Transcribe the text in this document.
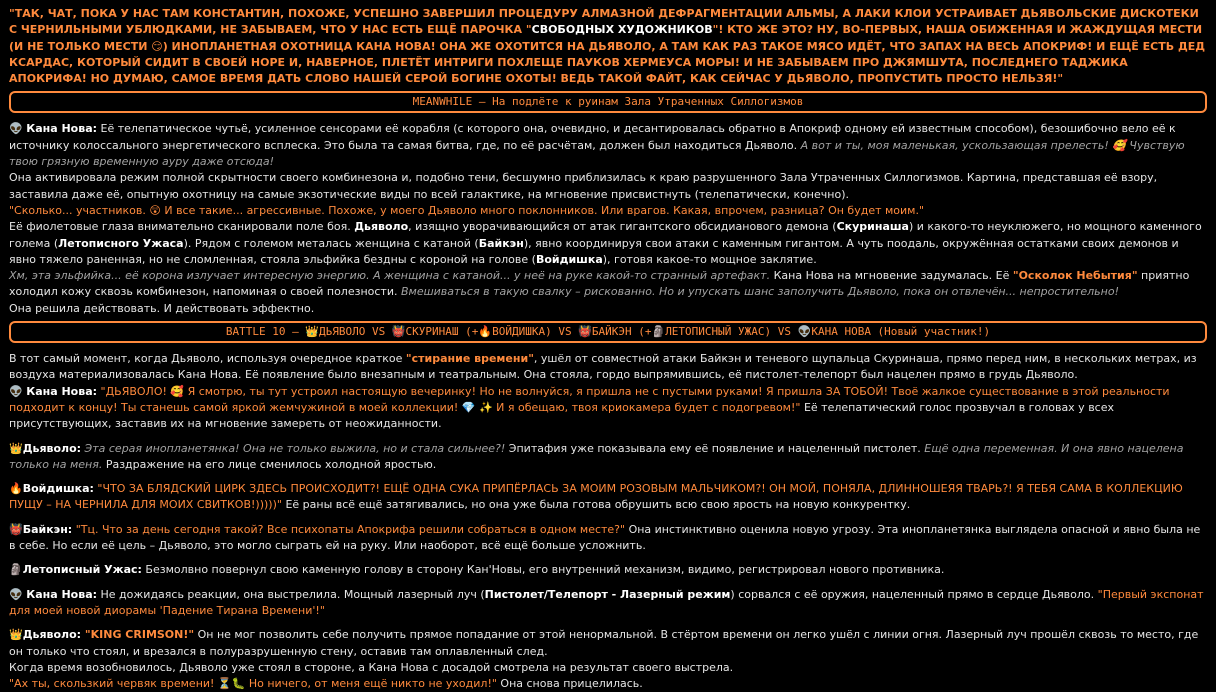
"ТАК, ЧАТ, ПОКА У НАС ТАМ КОНСТАНТИН, ПОХОЖЕ, УСПЕШНО ЗАВЕРШИЛ ПРОЦЕДУРУ АЛМАЗНОЙ ДЕФРАГМЕНТАЦИИ АЛЬМЫ, А ЛАКИ КЛОИ УСТРАИВАЕТ ДЬЯВОЛЬСКИЕ ДИСКОТЕКИ С ЧЕРНИЛЬНЫМИ УБЛЮДКАМИ, НЕ ЗАБЫВАЕМ, ЧТО У НАС ЕСТЬ ЕЩЁ ПАРОЧКА "СВОБОДНЫХ ХУДОЖНИКОВ"! КТО ЖЕ ЭТО? НУ, ВО-ПЕРВЫХ, НАША ОБИЖЕННАЯ И ЖАЖДУЩАЯ МЕСТИ (И НЕ ТОЛЬКО МЕСТИ 😏) ИНОПЛАНЕТНАЯ ОХОТНИЦА КАНА НОВА! ОНА ЖЕ ОХОТИТСЯ НА ДЬЯВОЛО, А ТАМ КАК РАЗ ТАКОЕ МЯСО ИДЁТ, ЧТО ЗАПАХ НА ВЕСЬ АПОКРИФ! И ЕЩЁ ЕСТЬ ДЕД КСАРДАС, КОТОРЫЙ СИДИТ В СВОЕЙ НОРЕ И, НАВЕРНОЕ, ПЛЕТЁТ ИНТРИГИ ПОХЛЕЩЕ ПАУКОВ ХЕРМЕУСА МОРЫ! И НЕ ЗАБЫВАЕМ ПРО ДЖЯМШУТА, ПОСЛЕДНЕГО ТАДЖИКА АПОКРИФА! НО ДУМАЮ, САМОЕ ВРЕМЯ ДАТЬ СЛОВО НАШЕЙ СЕРОЙ БОГИНЕ ОХОТЫ! ВЕДЬ ТАКОЙ ФАЙТ, КАК СЕЙЧАС У ДЬЯВОЛО, ПРОПУСТИТЬ ПРОСТО НЕЛЬЗЯ!"

MEANWHILE – На подлёте к руинам Зала Утраченных Силлогизмов

👽 Кана Нова: Её телепатическое чутьё, усиленное сенсорами её корабля (с которого она, очевидно, и десантировалась обратно в Апокриф одному ей известным способом), безошибочно вело её к источнику колоссального энергетического всплеска. Это была та самая битва, где, по её расчётам, должен был находиться Дьяволо. А вот и ты, моя маленькая, ускользающая прелесть! 🥰 Чувствую твою грязную временную ауру даже отсюда!

Она активировала режим полной скрытности своего комбинезона и, подобно тени, бесшумно приблизилась к краю разрушенного Зала Утраченных Силлогизмов. Картина, представшая её взору, заставила даже её, опытную охотницу на самые экзотические виды по всей галактике, на мгновение присвистнуть (телепатически, конечно).

"Сколько... участников. 😲 И все такие... агрессивные. Похоже, у моего Дьяволо много поклонников. Или врагов. Какая, впрочем, разница? Он будет моим."

Её фиолетовые глаза внимательно сканировали поле боя. Дьяволо, изящно уворачивающийся от атак гигантского обсидианового демона (Скуринаша) и какого-то неуклюжего, но мощного каменного голема (Летописного Ужаса). Рядом с големом металась женщина с катаной (Байкэн), явно координируя свои атаки с каменным гигантом. А чуть поодаль, окружённая остатками своих демонов и явно тяжело раненная, но не сломленная, стояла эльфийка бездны с короной на голове (Войдишка), готовя какое-то мощное заклятие.

Хм, эта эльфийка... её корона излучает интересную энергию. А женщина с катаной... у неё на руке какой-то странный артефакт. Кана Нова на мгновение задумалась. Её "Осколок Небытия" приятно холодил кожу сквозь комбинезон, напоминая о своей полезности. Вмешиваться в такую свалку – рискованно. Но и упускать шанс заполучить Дьяволо, пока он отвлечён... непростительно!

Она решила действовать. И действовать эффектно.

BATTLE 10 – 👑ДЬЯВОЛО VS 👹СКУРИНАШ (+🔥ВОЙДИШКА) VS 👹БАЙКЭН (+🗿ЛЕТОПИСНЫЙ УЖАС) VS 👽КАНА НОВА (Новый участник!)

В тот самый момент, когда Дьяволо, используя очередное краткое "стирание времени", ушёл от совместной атаки Байкэн и теневого щупальца Скуринаша, прямо перед ним, в нескольких метрах, из воздуха материализовалась Кана Нова. Её появление было внезапным и театральным. Она стояла, гордо выпрямившись, её пистолет-телепорт был нацелен прямо в грудь Дьяволо.

👽 Кана Нова: "ДЬЯВОЛО! 🥰 Я смотрю, ты тут устроил настоящую вечеринку! Но не волнуйся, я пришла не с пустыми руками! Я пришла ЗА ТОБОЙ! Твоё жалкое существование в этой реальности подходит к концу! Ты станешь самой яркой жемчужиной в моей коллекции! 💎 ✨ И я обещаю, твоя криокамера будет с подогревом!" Её телепатический голос прозвучал в головах у всех присутствующих, заставив их на мгновение замереть от неожиданности.

👑Дьяволо: Эта серая инопланетянка! Она не только выжила, но и стала сильнее?! Эпитафия уже показывала ему её появление и нацеленный пистолет. Ещё одна переменная. И она явно нацелена только на меня. Раздражение на его лице сменилось холодной яростью.

🔥Войдишка: "ЧТО ЗА БЛЯДСКИЙ ЦИРК ЗДЕСЬ ПРОИСХОДИТ?! ЕЩЁ ОДНА СУКА ПРИПЁРЛАСЬ ЗА МОИМ РОЗОВЫМ МАЛЬЧИКОМ?! ОН МОЙ, ПОНЯЛА, ДЛИННОШЕЯЯ ТВАРЬ?! Я ТЕБЯ САМА В КОЛЛЕКЦИЮ ПУЩУ – НА ЧЕРНИЛА ДЛЯ МОИХ СВИТКОВ!)))))" Её раны всё ещё затягивались, но она уже была готова обрушить всю свою ярость на новую конкурентку.

👹Байкэн: "Тц. Что за день сегодня такой? Все психопаты Апокрифа решили собраться в одном месте?" Она инстинктивно оценила новую угрозу. Эта инопланетянка выглядела опасной и явно была не в себе. Но если её цель – Дьяволо, это могло сыграть ей на руку. Или наоборот, всё ещё больше усложнить.

🗿Летописный Ужас: Безмолвно повернул свою каменную голову в сторону Кан'Новы, его внутренний механизм, видимо, регистрировал нового противника.

👽 Кана Нова: Не дожидаясь реакции, она выстрелила. Мощный лазерный луч (Пистолет/Телепорт - Лазерный режим) сорвался с её оружия, нацеленный прямо в сердце Дьяволо. "Первый экспонат для моей новой диорамы 'Падение Тирана Времени'!"

👑Дьяволо: "KING CRIMSON!" Он не мог позволить себе получить прямое попадание от этой ненормальной. В стёртом времени он легко ушёл с линии огня. Лазерный луч прошёл сквозь то место, где он только что стоял, и врезался в полуразрушенную стену, оставив там оплавленный след.

Когда время возобновилось, Дьяволо уже стоял в стороне, а Кана Нова с досадой смотрела на результат своего выстрела.

"Ах ты, скользкий червяк времени! ⏳🐛 Но ничего, от меня ещё никто не уходил!" Она снова прицелилась.
